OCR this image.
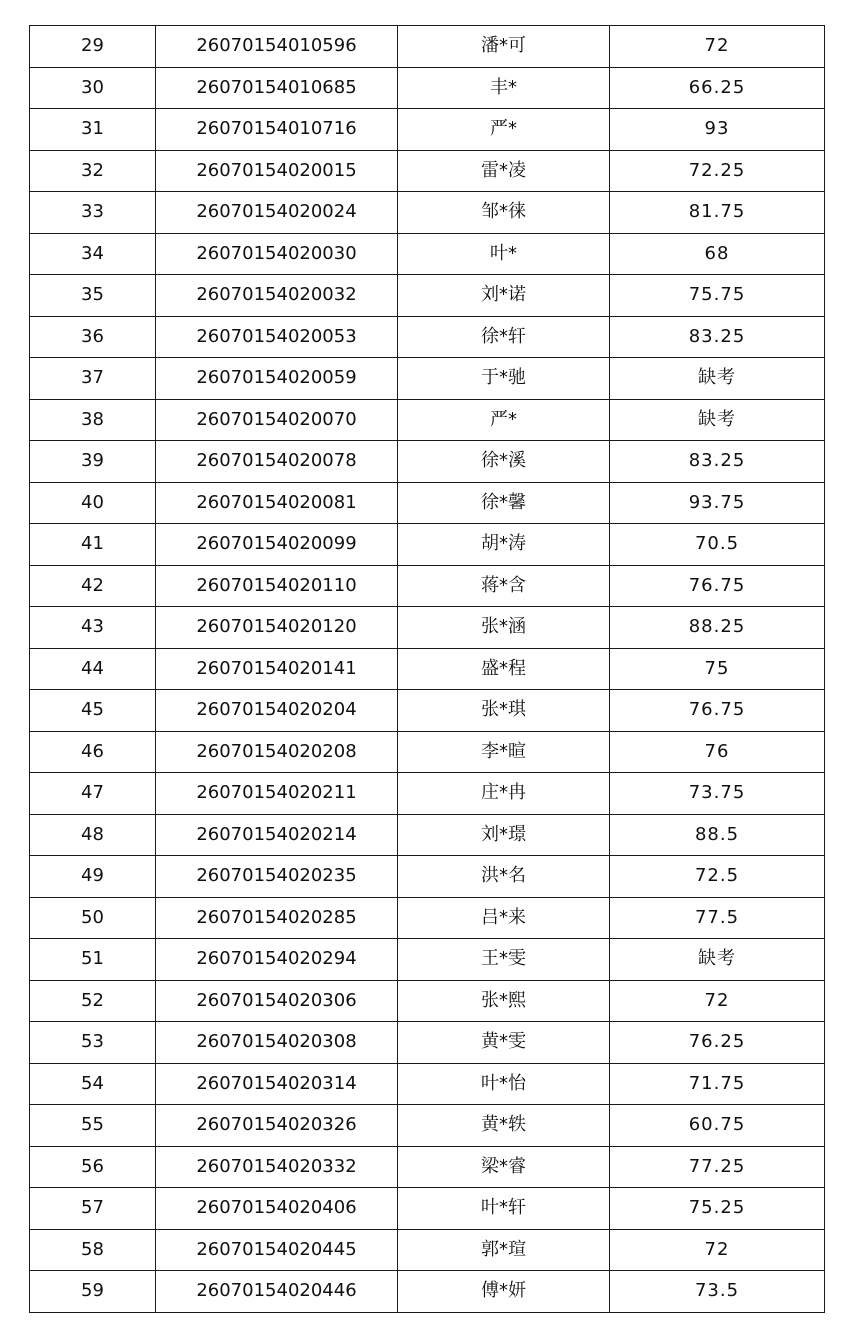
29	26070154010596	潘*可	72
30	26070154010685	丰*	66.25
31	26070154010716	严*	93
32	26070154020015	雷*凌	72.25
33	26070154020024	邹*徕	81.75
34	26070154020030	叶*	68
35	26070154020032	刘*诺	75.75
36	26070154020053	徐*轩	83.25
37	26070154020059	于*驰	缺考
38	26070154020070	严*	缺考
39	26070154020078	徐*溪	83.25
40	26070154020081	徐*馨	93.75
41	26070154020099	胡*涛	70.5
42	26070154020110	蒋*含	76.75
43	26070154020120	张*涵	88.25
44	26070154020141	盛*程	75
45	26070154020204	张*琪	76.75
46	26070154020208	李*暄	76
47	26070154020211	庄*冉	73.75
48	26070154020214	刘*璟	88.5
49	26070154020235	洪*名	72.5
50	26070154020285	吕*来	77.5
51	26070154020294	王*雯	缺考
52	26070154020306	张*熙	72
53	26070154020308	黄*雯	76.25
54	26070154020314	叶*怡	71.75
55	26070154020326	黄*轶	60.75
56	26070154020332	梁*睿	77.25
57	26070154020406	叶*轩	75.25
58	26070154020445	郭*瑄	72
59	26070154020446	傅*妍	73.5
